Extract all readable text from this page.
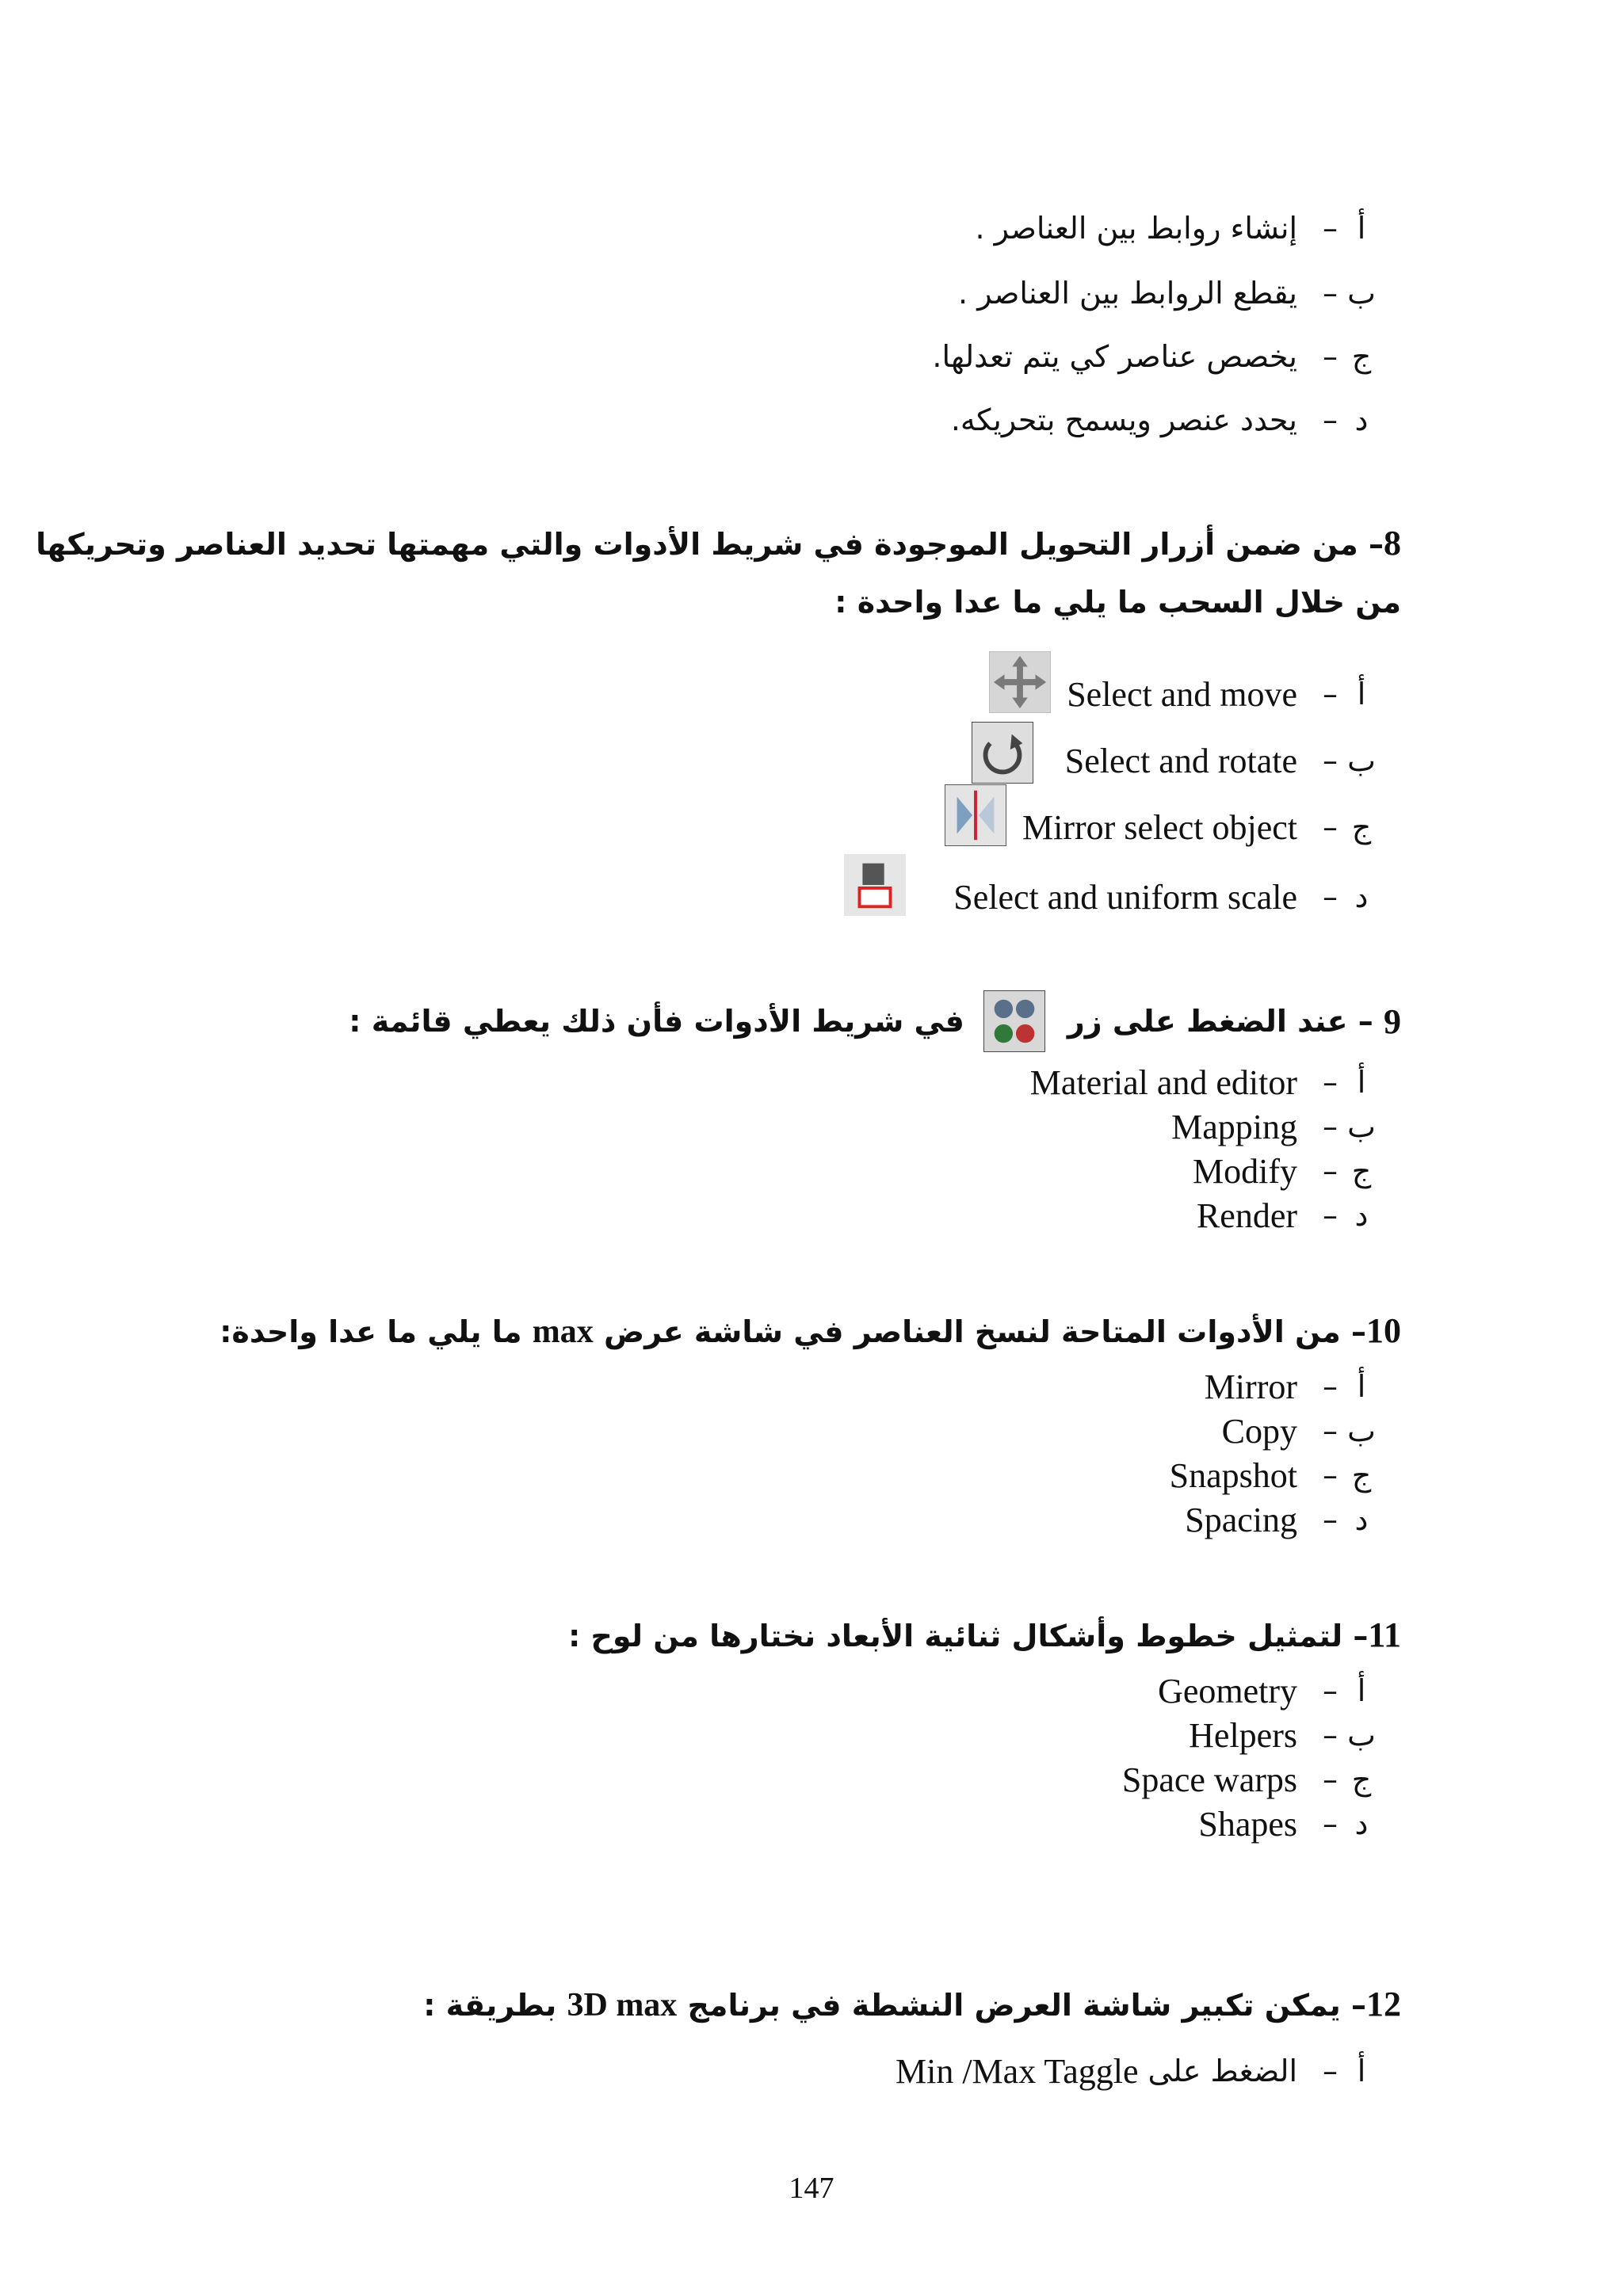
أ
–
إنشاء روابط بين العناصر .
ب
–
يقطع الروابط بين العناصر .
ج
–
يخصص عناصر كي يتم تعدلها.
د
–
يحدد عنصر ويسمح بتحريكه.
8– من ضمن أزرار التحويل الموجودة في شريط الأدوات والتي مهمتها تحديد العناصر وتحريكها
من خلال السحب ما يلي ما عدا واحدة :
أ
–
Select and move
ب
–
Select and rotate
ج
–
Mirror select object
د
–
Select and uniform scale
9
–
عند الضغط على زر
في شريط الأدوات فأن ذلك يعطي قائمة :
أ
–
Material and editor
ب
–
Mapping
ج
–
Modify
د
–
Render
10– من الأدوات المتاحة لنسخ العناصر في شاشة عرض max ما يلي ما عدا واحدة:
أ
–
Mirror
ب
–
Copy
ج
–
Snapshot
د
–
Spacing
11– لتمثيل خطوط وأشكال ثنائية الأبعاد نختارها من لوح :
أ
–
Geometry
ب
–
Helpers
ج
–
Space warps
د
–
Shapes
12– يمكن تكبير شاشة العرض النشطة في برنامج 3D max بطريقة :
أ
–
الضغط على
Min /Max Taggle
147
